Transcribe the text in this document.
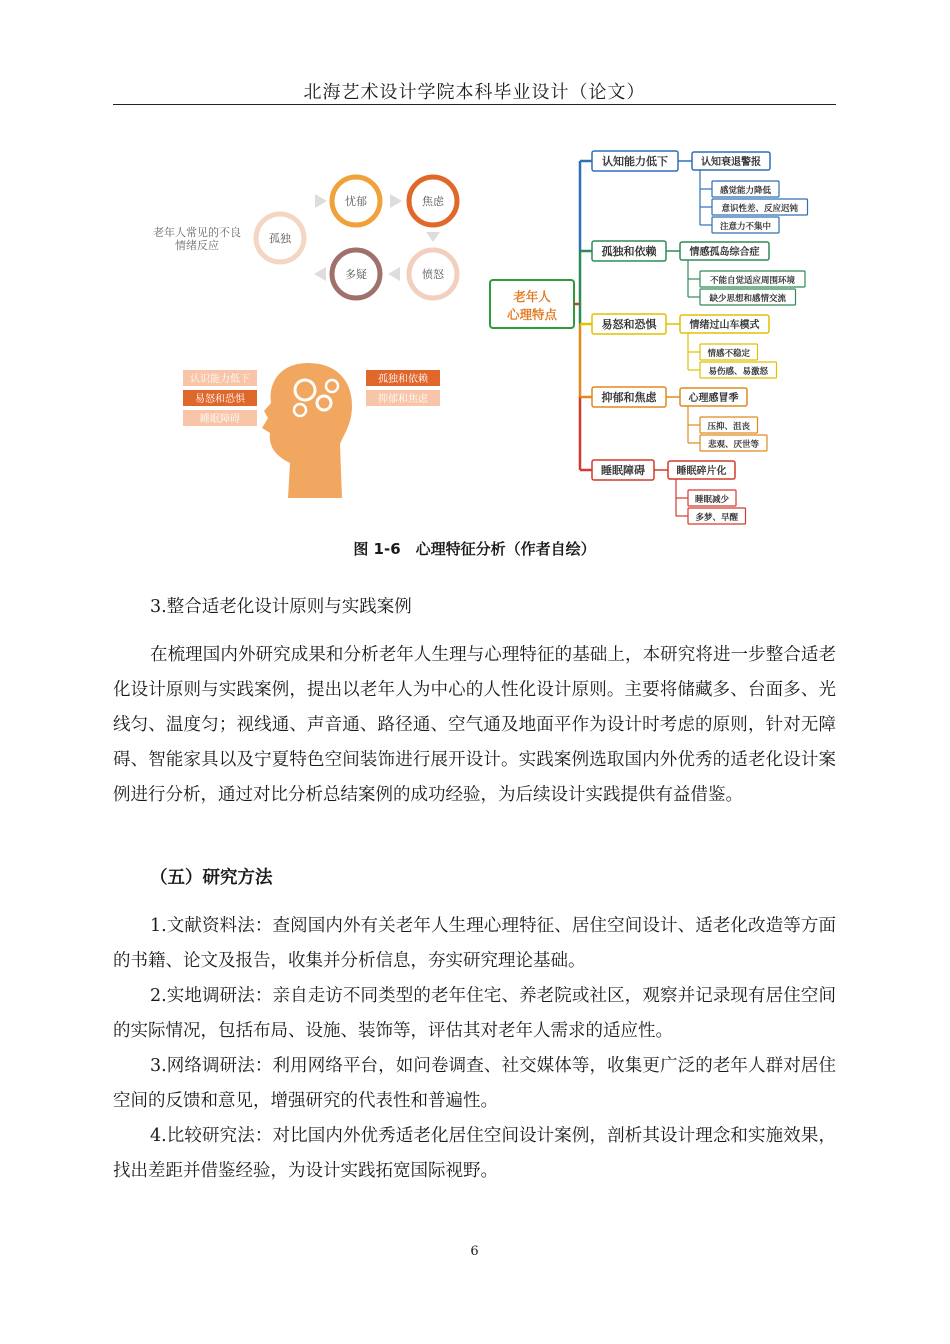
北海艺术设计学院本科毕业设计（论文）
老年人常见的不良
情绪反应
孤独
忧郁	焦虑
愤怒
多疑
认识能力低下
易怒和恐惧
睡眠障碍
孤独和依赖
抑郁和焦虑
老年人
心理特点
认知能力低下	认知衰退警报
感觉能力降低
意识性差、反应迟钝
注意力不集中
孤独和依赖	情感孤岛综合症
不能自觉适应周围环境
缺少思想和感情交流
易怒和恐惧	情绪过山车模式
情感不稳定
易伤感、易激怒
抑郁和焦虑	心理感冒季
压抑、沮丧
悲观、厌世等
睡眠障碍	睡眠碎片化
睡眠减少
多梦、早醒
图 1-6　心理特征分析（作者自绘）

3.整合适老化设计原则与实践案例

在梳理国内外研究成果和分析老年人生理与心理特征的基础上，本研究将进一步整合适老化设计原则与实践案例，提出以老年人为中心的人性化设计原则。主要将储藏多、台面多、光线匀、温度匀；视线通、声音通、路径通、空气通及地面平作为设计时考虑的原则，针对无障碍、智能家具以及宁夏特色空间装饰进行展开设计。实践案例选取国内外优秀的适老化设计案例进行分析，通过对比分析总结案例的成功经验，为后续设计实践提供有益借鉴。

（五）研究方法

1.文献资料法：查阅国内外有关老年人生理心理特征、居住空间设计、适老化改造等方面的书籍、论文及报告，收集并分析信息，夯实研究理论基础。

2.实地调研法：亲自走访不同类型的老年住宅、养老院或社区，观察并记录现有居住空间的实际情况，包括布局、设施、装饰等，评估其对老年人需求的适应性。

3.网络调研法：利用网络平台，如问卷调查、社交媒体等，收集更广泛的老年人群对居住空间的反馈和意见，增强研究的代表性和普遍性。

4.比较研究法：对比国内外优秀适老化居住空间设计案例，剖析其设计理念和实施效果，找出差距并借鉴经验，为设计实践拓宽国际视野。

6
